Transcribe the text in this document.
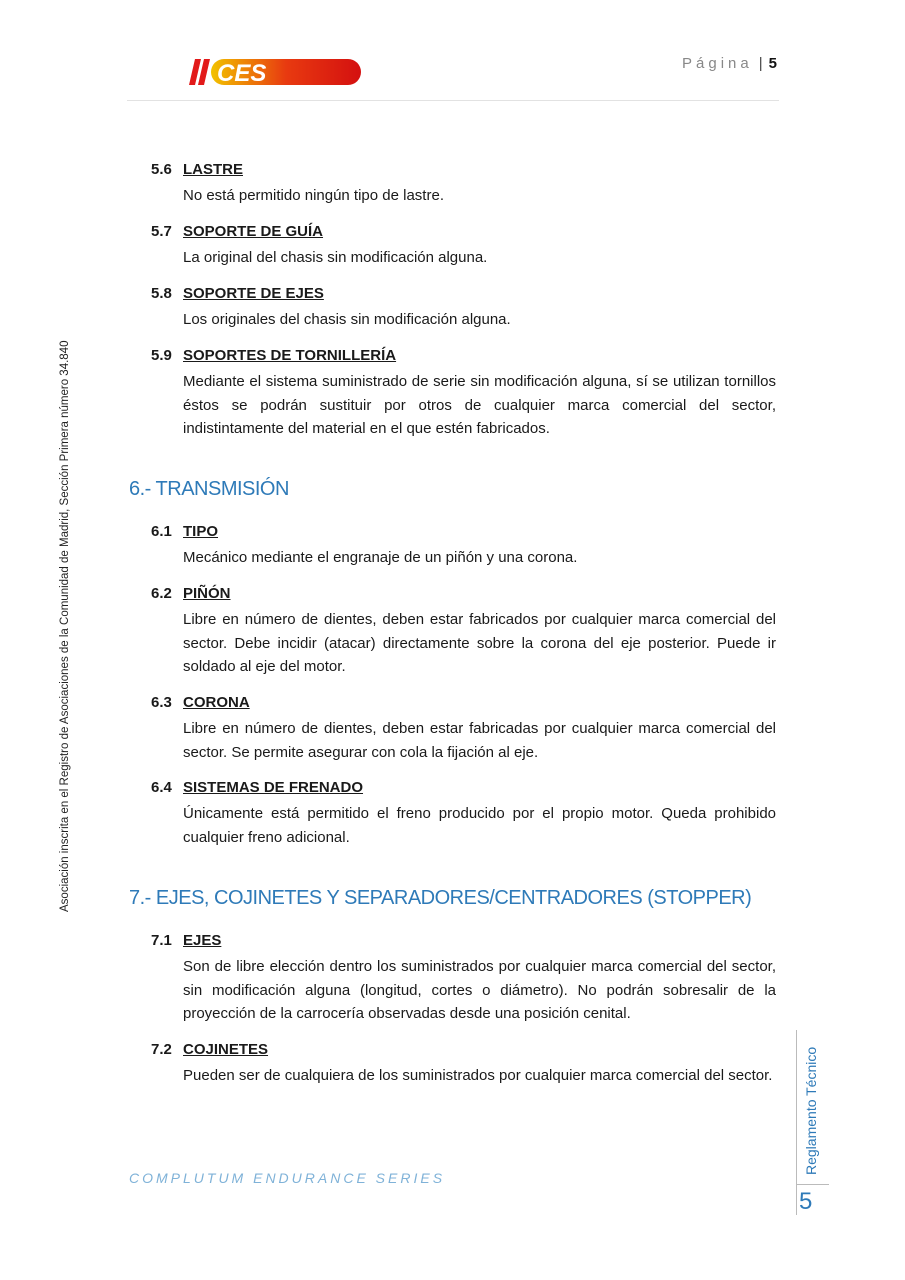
CES	Página | 5
Asociación inscrita en el Registro de Asociaciones de la Comunidad de Madrid, Sección Primera número 34.840
5.6 LASTRE
No está permitido ningún tipo de lastre.
5.7 SOPORTE DE GUÍA
La original del chasis sin modificación alguna.
5.8 SOPORTE DE EJES
Los originales del chasis sin modificación alguna.
5.9 SOPORTES DE TORNILLERÍA
Mediante el sistema suministrado de serie sin modificación alguna, sí se utilizan tornillos éstos se podrán sustituir por otros de cualquier marca comercial del sector, indistintamente del material en el que estén fabricados.
6.- TRANSMISIÓN
6.1 TIPO
Mecánico mediante el engranaje de un piñón y una corona.
6.2 PIÑÓN
Libre en número de dientes, deben estar fabricados por cualquier marca comercial del sector. Debe incidir (atacar) directamente sobre la corona del eje posterior. Puede ir soldado al eje del motor.
6.3 CORONA
Libre en número de dientes, deben estar fabricadas por cualquier marca comercial del sector. Se permite asegurar con cola la fijación al eje.
6.4 SISTEMAS DE FRENADO
Únicamente está permitido el freno producido por el propio motor. Queda prohibido cualquier freno adicional.
7.- EJES, COJINETES Y SEPARADORES/CENTRADORES (STOPPER)
7.1 EJES
Son de libre elección dentro los suministrados por cualquier marca comercial del sector, sin modificación alguna (longitud, cortes o diámetro). No podrán sobresalir de la proyección de la carrocería observadas desde una posición cenital.
7.2 COJINETES
Pueden ser de cualquiera de los suministrados por cualquier marca comercial del sector.
COMPLUTUM ENDURANCE SERIES
Reglamento Técnico
5
